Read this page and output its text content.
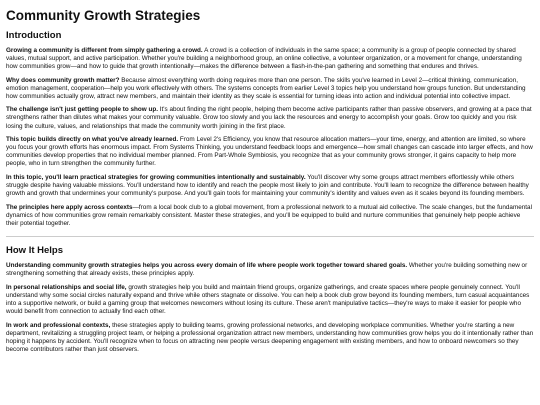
Community Growth Strategies
Introduction

Growing a community is different from simply gathering a crowd. A crowd is a collection of individuals in the same space; a community is a group of people connected by shared values, mutual support, and active participation. Whether you're building a neighborhood group, an online collective, a volunteer organization, or a movement for change, understanding how communities grow—and how to guide that growth intentionally—makes the difference between a flash-in-the-pan gathering and something that endures and thrives.

Why does community growth matter? Because almost everything worth doing requires more than one person. The skills you've learned in Level 2—critical thinking, communication, emotion management, cooperation—help you work effectively with others. The systems concepts from earlier Level 3 topics help you understand how groups function. But understanding how communities actually grow, attract new members, and maintain their identity as they scale is essential for turning ideas into action and individual potential into collective impact.

The challenge isn't just getting people to show up. It's about finding the right people, helping them become active participants rather than passive observers, and growing at a pace that strengthens rather than dilutes what makes your community valuable. Grow too slowly and you lack the resources and energy to accomplish your goals. Grow too quickly and you risk losing the culture, values, and relationships that made the community worth joining in the first place.

This topic builds directly on what you've already learned. From Level 2's Efficiency, you know that resource allocation matters—your time, energy, and attention are limited, so where you focus your growth efforts has enormous impact. From Systems Thinking, you understand feedback loops and emergence—how small changes can cascade into larger effects, and how communities develop properties that no individual member planned. From Part-Whole Symbiosis, you recognize that as your community grows stronger, it gains capacity to help more people, who in turn strengthen the community further.

In this topic, you'll learn practical strategies for growing communities intentionally and sustainably. You'll discover why some groups attract members effortlessly while others struggle despite having valuable missions. You'll understand how to identify and reach the people most likely to join and contribute. You'll learn to recognize the difference between healthy growth and growth that undermines your community's purpose. And you'll gain tools for maintaining your community's identity and values even as it scales beyond its founding members.

The principles here apply across contexts—from a local book club to a global movement, from a professional network to a mutual aid collective. The scale changes, but the fundamental dynamics of how communities grow remain remarkably consistent. Master these strategies, and you'll be equipped to build and nurture communities that genuinely help people achieve their potential together.

How It Helps

Understanding community growth strategies helps you across every domain of life where people work together toward shared goals. Whether you're building something new or strengthening something that already exists, these principles apply.

In personal relationships and social life, growth strategies help you build and maintain friend groups, organize gatherings, and create spaces where people genuinely connect. You'll understand why some social circles naturally expand and thrive while others stagnate or dissolve. You can help a book club grow beyond its founding members, turn casual acquaintances into a supportive network, or build a gaming group that welcomes newcomers without losing its culture. These aren't manipulative tactics—they're ways to make it easier for people who would benefit from connection to actually find each other.

In work and professional contexts, these strategies apply to building teams, growing professional networks, and developing workplace communities. Whether you're starting a new department, revitalizing a struggling project team, or helping a professional organization attract new members, understanding how communities grow helps you do it intentionally rather than hoping it happens by accident. You'll recognize when to focus on attracting new people versus deepening engagement with existing members, and how to onboard newcomers so they become contributors rather than just observers.
